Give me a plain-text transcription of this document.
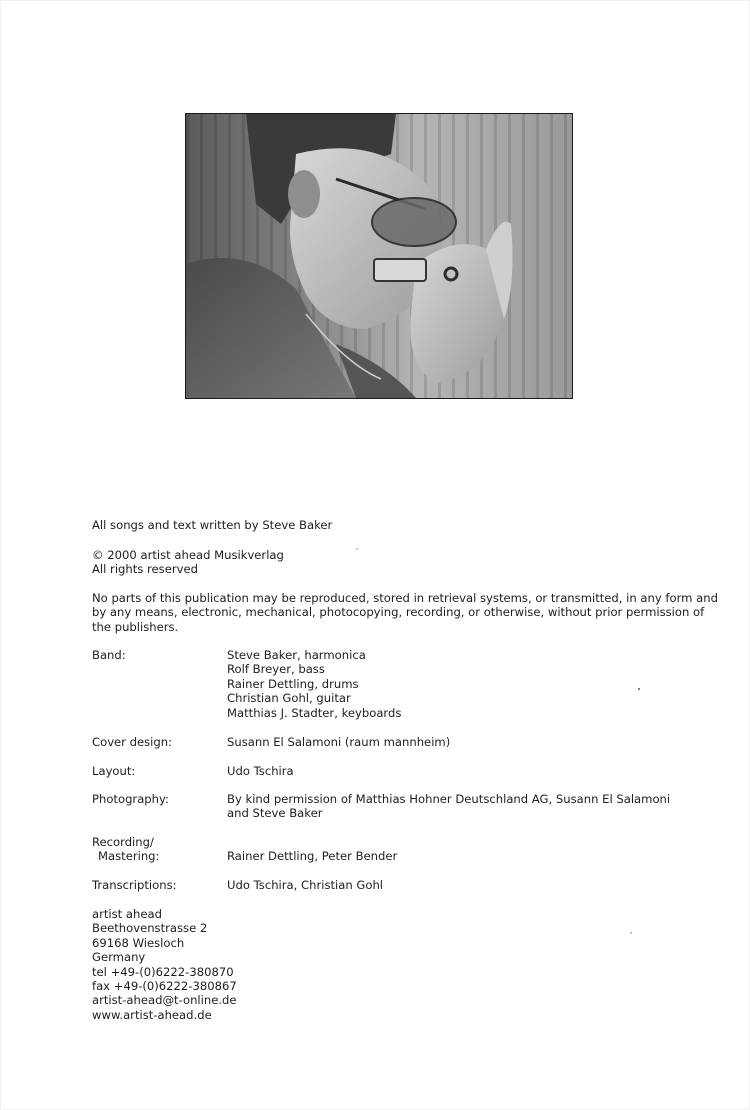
All songs and text written by Steve Baker
© 2000 artist ahead Musikverlag
All rights reserved

No parts of this publication may be reproduced, stored in retrieval systems, or transmitted, in any form and by any means, electronic, mechanical, photocopying, recording, or otherwise, without prior permission of the publishers.

Band:	Steve Baker, harmonica
Rolf Breyer, bass
Rainer Dettling, drums
Christian Gohl, guitar
Matthias J. Stadter, keyboards
Cover design:	Susann El Salamoni (raum mannheim)
Layout:	Udo Tschira
Photography:	By kind permission of Matthias Hohner Deutschland AG, Susann El Salamoni
and Steve Baker
Recording/
Mastering:	Rainer Dettling, Peter Bender
Transcriptions:	Udo Tschira, Christian Gohl
artist ahead
Beethovenstrasse 2
69168 Wiesloch
Germany
tel +49-(0)6222-380870
fax +49-(0)6222-380867
artist-ahead@t-online.de
www.artist-ahead.de
